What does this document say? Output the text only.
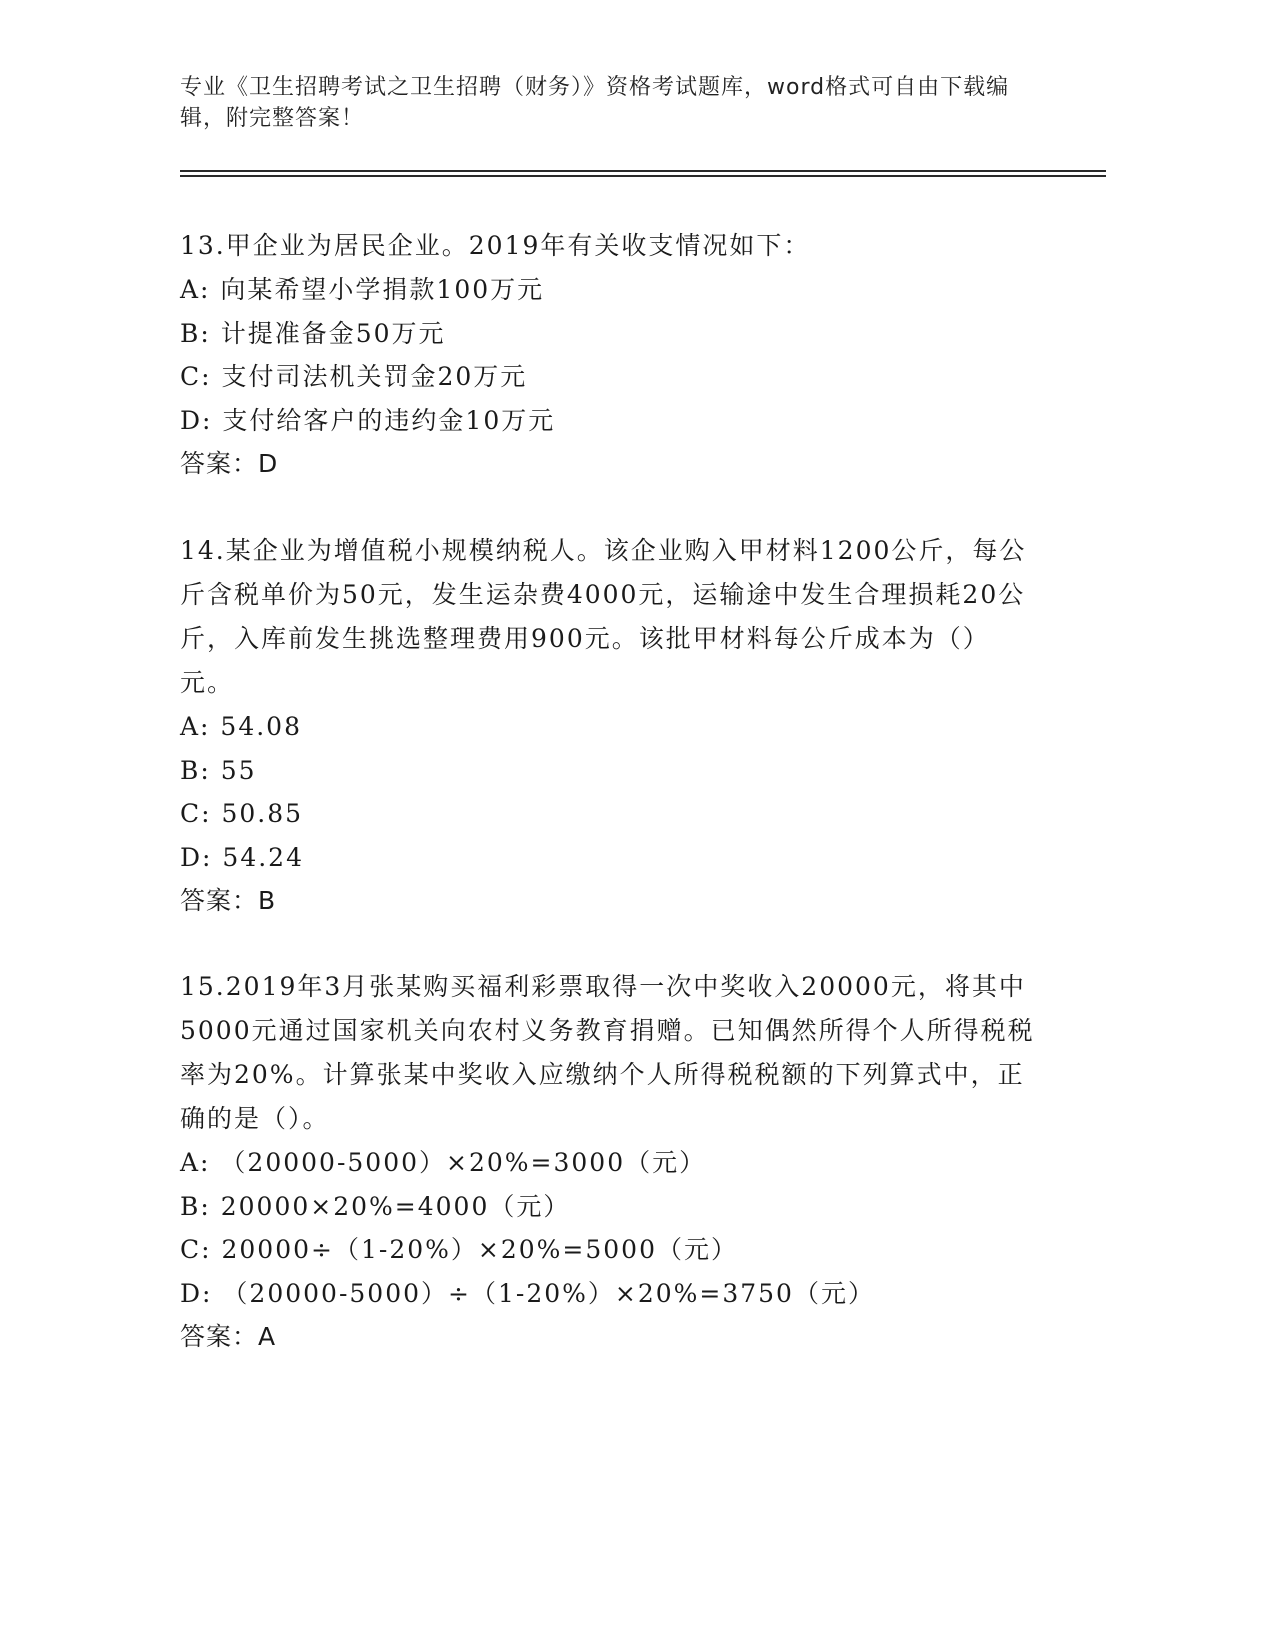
专业《卫生招聘考试之卫生招聘（财务）》资格考试题库，word格式可自由下载编辑，附完整答案！
13.甲企业为居民企业。2019年有关收支情况如下：
A: 向某希望小学捐款100万元
B: 计提准备金50万元
C: 支付司法机关罚金20万元
D: 支付给客户的违约金10万元
答案：D
14.某企业为增值税小规模纳税人。该企业购入甲材料1200公斤，每公斤含税单价为50元，发生运杂费4000元，运输途中发生合理损耗20公斤，入库前发生挑选整理费用900元。该批甲材料每公斤成本为（）元。
A: 54.08
B: 55
C: 50.85
D: 54.24
答案：B
15.2019年3月张某购买福利彩票取得一次中奖收入20000元，将其中5000元通过国家机关向农村义务教育捐赠。已知偶然所得个人所得税税率为20%。计算张某中奖收入应缴纳个人所得税税额的下列算式中，正确的是（）。
A: （20000-5000）×20%=3000（元）
B: 20000×20%=4000（元）
C: 20000÷（1-20%）×20%=5000（元）
D: （20000-5000）÷（1-20%）×20%=3750（元）
答案：A
